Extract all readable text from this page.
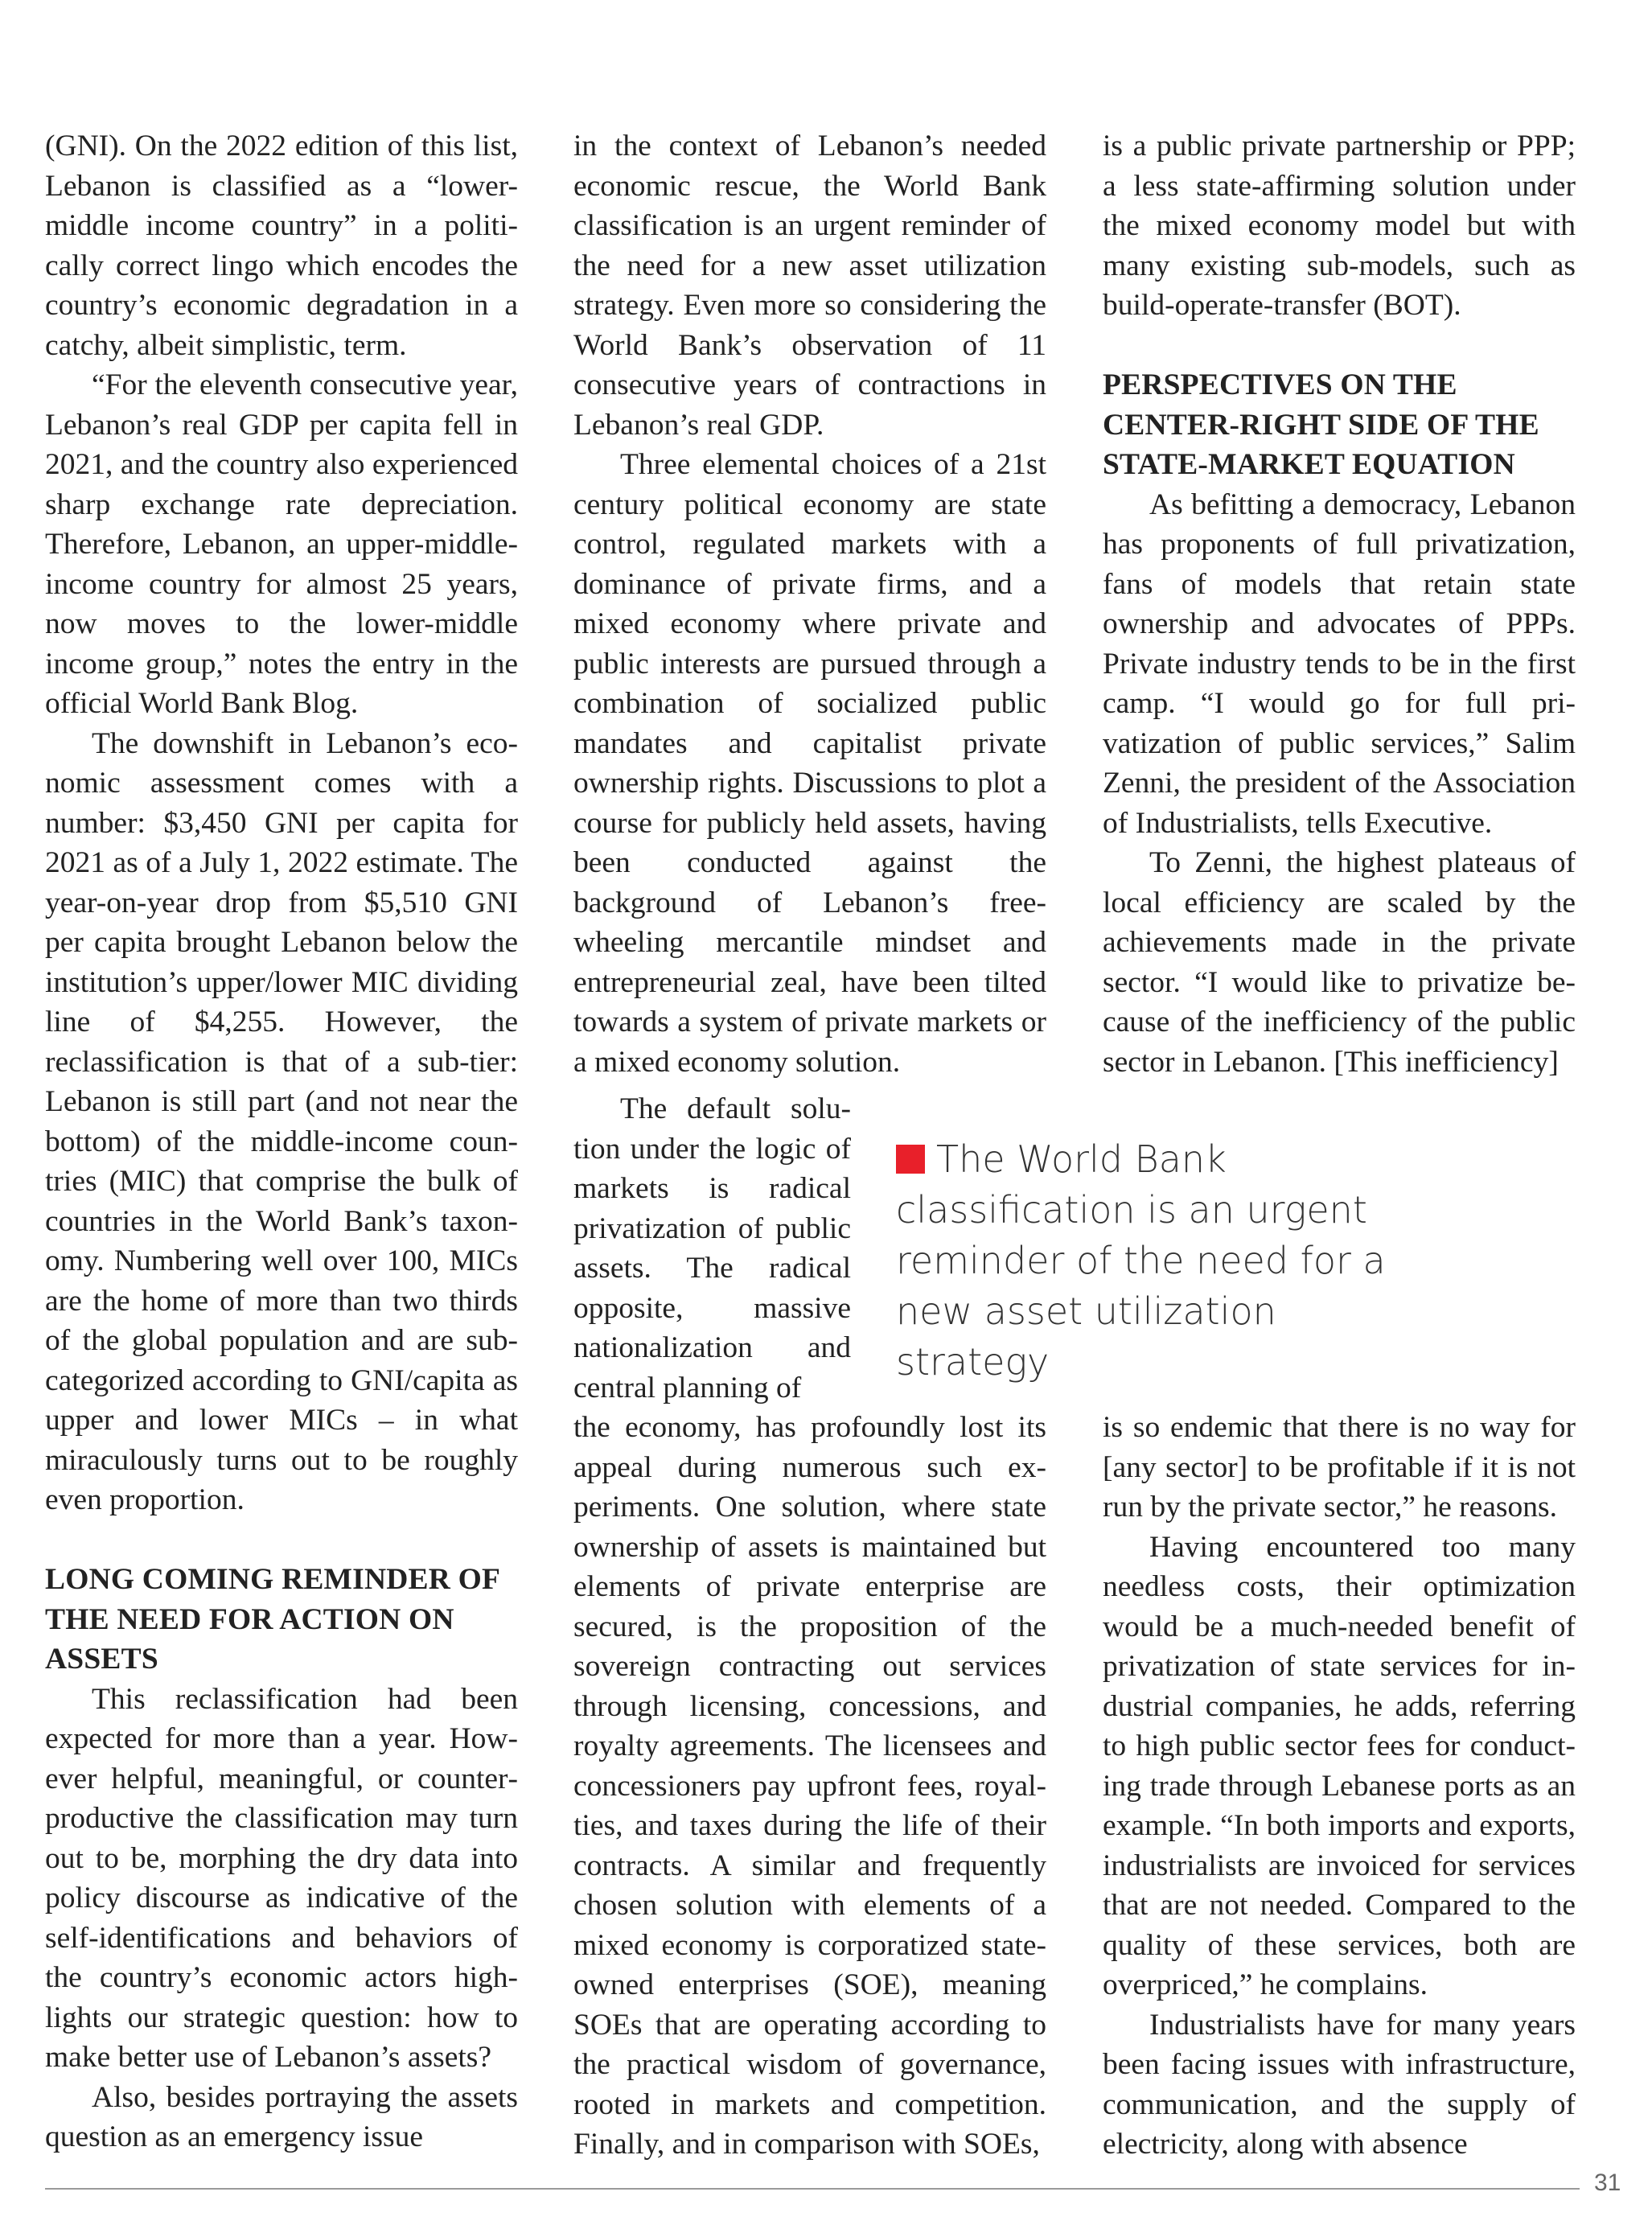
(GNI). On the 2022 edition of this list, Lebanon is classified as a “lower-middle income country” in a politically correct lingo which encodes the country’s economic degradation in a catchy, albeit simplistic, term.

“For the eleventh consecutive year, Lebanon’s real GDP per capita fell in 2021, and the country also experienced sharp exchange rate depreciation. Therefore, Lebanon, an upper-middle-income country for almost 25 years, now moves to the lower-middle income group,” notes the entry in the official World Bank Blog.

The downshift in Lebanon’s economic assessment comes with a number: $3,450 GNI per capita for 2021 as of a July 1, 2022 estimate. The year-on-year drop from $5,510 GNI per capita brought Lebanon below the institution’s upper/lower MIC dividing line of $4,255. However, the reclassification is that of a sub-tier: Lebanon is still part (and not near the bottom) of the middle-income countries (MIC) that comprise the bulk of countries in the World Bank’s taxonomy. Numbering well over 100, MICs are the home of more than two thirds of the global population and are subcategorized according to GNI/capita as upper and lower MICs – in what miraculously turns out to be roughly even proportion.

LONG COMING REMINDER OF THE NEED FOR ACTION ON ASSETS

This reclassification had been expected for more than a year. However helpful, meaningful, or counterproductive the classification may turn out to be, morphing the dry data into policy discourse as indicative of the self-identifications and behaviors of the country’s economic actors highlights our strategic question: how to make better use of Lebanon’s assets?

Also, besides portraying the assets question as an emergency issue

in the context of Lebanon’s needed economic rescue, the World Bank classification is an urgent reminder of the need for a new asset utilization strategy. Even more so considering the World Bank’s observation of 11 consecutive years of contractions in Lebanon’s real GDP.

Three elemental choices of a 21st century political economy are state control, regulated markets with a dominance of private firms, and a mixed economy where private and public interests are pursued through a combination of socialized public mandates and capitalist private ownership rights. Discussions to plot a course for publicly held assets, having been conducted against the background of Lebanon’s freewheeling mercantile mindset and entrepreneurial zeal, have been tilted towards a system of private markets or a mixed economy solution.

The default solution under the logic of markets is radical privatization of public assets. The radical opposite, massive nationalization and central planning of

the economy, has profoundly lost its appeal during numerous such experiments. One solution, where state ownership of assets is maintained but elements of private enterprise are secured, is the proposition of the sovereign contracting out services through licensing, concessions, and royalty agreements. The licensees and concessioners pay upfront fees, royalties, and taxes during the life of their contracts. A similar and frequently chosen solution with elements of a mixed economy is corporatized state-owned enterprises (SOE), meaning SOEs that are operating according to the practical wisdom of governance, rooted in markets and competition. Finally, and in comparison with SOEs,

is a public private partnership or PPP; a less state-affirming solution under the mixed economy model but with many existing sub-models, such as build-operate-transfer (BOT).

PERSPECTIVES ON THE CENTER-RIGHT SIDE OF THE STATE-MARKET EQUATION

As befitting a democracy, Lebanon has proponents of full privatization, fans of models that retain state ownership and advocates of PPPs. Private industry tends to be in the first camp. “I would go for full privatization of public services,” Salim Zenni, the president of the Association of Industrialists, tells Executive.

To Zenni, the highest plateaus of local efficiency are scaled by the achievements made in the private sector. “I would like to privatize because of the inefficiency of the public sector in Lebanon. [This inefficiency]

is so endemic that there is no way for [any sector] to be profitable if it is not run by the private sector,” he reasons.

Having encountered too many needless costs, their optimization would be a much-needed benefit of privatization of state services for industrial companies, he adds, referring to high public sector fees for conducting trade through Lebanese ports as an example. “In both imports and exports, industrialists are invoiced for services that are not needed. Compared to the quality of these services, both are overpriced,” he complains.

Industrialists have for many years been facing issues with infrastructure, communication, and the supply of electricity, along with absence

The World Bank classification is an urgent reminder of the need for a new asset utilization strategy
31
